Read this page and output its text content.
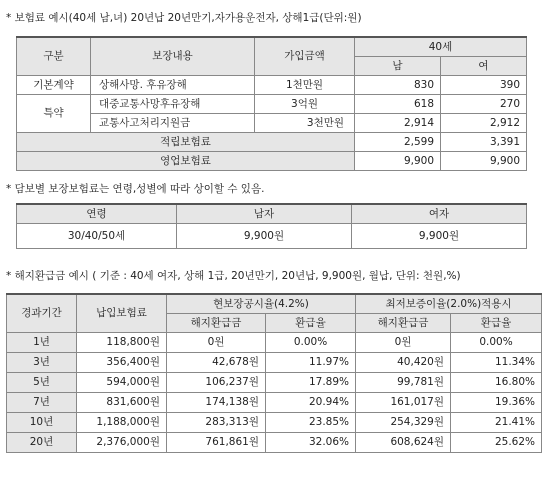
* 보험료 예시(40세 남,녀) 20년납 20년만기,자가용운전자, 상해1급(단위:원)
구분	보장내용	가입금액	40세	
			남	여
기본계약	상해사망. 후유장해	1천만원	830	390
특약	대중교통사망후유장해	3억원	618	270
	교통사고처리지원금	3천만원	2,914	2,912
적립보험료			2,599	3,391
영업보험료			9,900	9,900
* 담보별 보장보험료는 연령,성별에 따라 상이할 수 있음.
연령	남자	여자
30/40/50세	9,900원	9,900원
* 해지환급금 예시 ( 기준 : 40세 여자, 상해 1급, 20년만기, 20년납, 9,900원, 월납, 단위: 천원,%)
경과기간	납입보험료	현보장공시율(4.2%)		최저보증이율(2.0%)적용시	
		해지환급금	환급율	해지환급금	환급율
1년	118,800원	0원	0.00%	0원	0.00%
3년	356,400원	42,678원	11.97%	40,420원	11.34%
5년	594,000원	106,237원	17.89%	99,781원	16.80%
7년	831,600원	174,138원	20.94%	161,017원	19.36%
10년	1,188,000원	283,313원	23.85%	254,329원	21.41%
20년	2,376,000원	761,861원	32.06%	608,624원	25.62%
